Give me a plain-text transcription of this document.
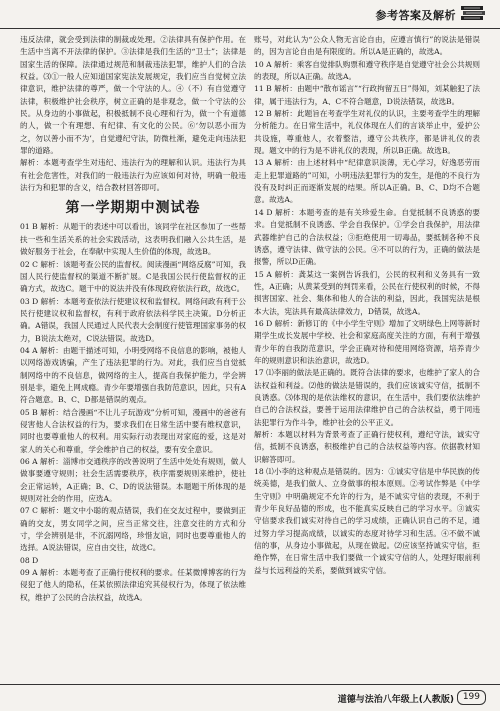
参考答案及解析

违反法律，就会受到法律的制裁或处理。②法律具有保护作用。在生活中当离不开法律的保护。③法律是我们生活的“卫士”；法律是国家生活的保障。法律通过规范和制裁违法犯罪，维护人们的合法权益。⑶①一般人应知道国家宪法发展规定，我们应当自觉树立法律意识，维护法律的尊严，做一个守法的人。④（不）有自觉遵守法律，积极维护社会秩序，树立正确的是非观念，做一个守法的公民。从身边的小事做起，积极抵制不良心理和行为，做一个有道德的人，做一个有理想、有纪律、有文化的公民。⑥‘勿以恶小而为之，勿以善小而不为’，自觉遵纪守法，防微杜渐，避免走向违法犯罪的道路。

解析：本题考查学生对违纪、违法行为的理解和认识。违法行为具有社会危害性，对我们的一般违法行为应该如何对待，明确一般违法行为和犯罪的含义，结合教材回答即可。

第一学期期中测试卷

01 B 解析：从题干的表述中可以看出，该同学在社区参加了一些帮扶一些和生活关系的社会实践活动，这表明我们融入公共生活，是做好服务于社会，在奉献中实现人生价值的体现，故选B。

02 C 解析：该题考查公民的监督权。阅读漫画“网络反腐”可知，我国人民行使监督权的渠道不断扩展。C是我国公民行使监督权的正确方式，故选C。题干中的说法并没有体现政府依法行政，故选C。

03 D 解析：本题考查依法行使建议权和监督权。网络问政有利于公民行使建议权和监督权，有利于政府依法科学民主决策。D分析正确。A错误，我国人民通过人民代表大会制度行使管理国家事务的权力，B说法太绝对，C说法错误。故选D。

04 A 解析：由题干描述可知，小明受网络不良信息的影响，被他人以网络游戏诱骗，产生了违法犯罪的行为。对此，我们应当自觉抵制网络中的不良信息，做网络的主人，提高自我保护能力，学会辨别是非，避免上网成瘾。青少年要增强自我防范意识，因此，只有A符合题意。B、C、D都是错误的观点。

05 B 解析：结合漫画“不让儿子玩游戏”分析可知，漫画中的爸爸有侵害他人合法权益的行为，要求我们在日常生活中要有维权意识，同时也要尊重他人的权利。用实际行动表现出对家庭的爱，这是对家人的关心和尊重，学会维护自己的权益，要有安全意识。

06 A 解析：淄博市交通秩序的改善说明了生活中处处有规则，做人做事要遵守规则；社会生活需要秩序，秩序需要规则来维护，使社会正常运转，A正确；B、C、D的说法错误。本题题干所体现的是规则对社会的作用，应选A。

07 C 解析：题文中小聪的观点错误，我们在交友过程中，要做到正确的交友，男女同学之间，应当正常交往，注意交往的方式和分寸，学会辨别是非，不沉溺网络，珍惜友谊，同时也要尊重他人的选择。A说法错误，应自由交往，故选C。

08 D

09 A 解析：本题考查了正确行使权利的要求。任某微博博客的行为侵犯了他人的隐私，任某依照法律追究其侵权行为，体现了依法维权，维护了公民的合法权益，故选A。

账号，对此认为“公众人物无言论自由，应遵言慎行”的说法是错误的，因为言论自由是有限度的。所以A是正确的，故选A。

10 A 解析：乘客自觉排队购票和遵守秩序是自觉遵守社会公共规则的表现，所以A正确。故选A。

11 B 解析：由题中“散布谣言”“行政拘留五日”得知，刘某触犯了法律，属于违法行为，A、C不符合题意，D说法错误，故选B。

12 B 解析：此题旨在考查学生对礼仪的认识，主要考查学生的理解分析能力。在日常生活中，礼仪体现在人们的言谈举止中，爱护公共设施，尊重他人，衣着整洁，遵守公共秩序，都是讲礼仪的表现。题文中的行为是不讲礼仪的表现，所以B正确。故选B。

13 A 解析：由上述材料中“纪律意识淡薄，无心学习，好逸恶劳而走上犯罪道路的”可知，小明违法犯罪行为的发生，是他的不良行为没有及时纠正而逐渐发展的结果。所以A正确。B、C、D均不合题意。故选A。

14 D 解析：本题考查的是有关珍爱生命。自觉抵制不良诱惑的要求。自觉抵制不良诱惑、学会自我保护。①学会自我保护，用法律武器维护自己的合法权益；③拒绝使用一切毒品，要抵制各种不良诱惑，遵守法律、做守法的公民。④不可以的行为，正确的做法是报警，所以D正确。

15 A 解析：龚某这一案例告诉我们，公民的权利和义务具有一致性，A正确；从黄某受到的判罚来看，公民在行使权利的时候，不得损害国家、社会、集体和他人的合法的利益，因此，我国宪法是根本大法，宪法具有最高法律效力，D错误，故选A。

16 D 解析：新修订的《中小学生守则》增加了文明绿色上网等新时期学生成长发展中学校、社会和家庭高度关注的方面，有利于增强青少年的自我防范意识，学会正确对待和使用网络资源，培养青少年的规则意识和法治意识，故选D。

17 ⑴李丽的做法是正确的。既符合法律的要求，也维护了家人的合法权益和利益。⑵他的做法是错误的，我们应该诚实守信，抵制不良诱惑。⑶体现的是依法维权的意识，在生活中，我们要依法维护自己的合法权益，要善于运用法律维护自己的合法权益，勇于同违法犯罪行为作斗争，维护社会的公平正义。

解析：本题以材料为背景考查了正确行使权利，遵纪守法，诚实守信，抵制不良诱惑，积极维护自己的合法权益等内容。依据教材知识解答即可。

18 ⑴小李的这种观点是错误的。因为：①诚实守信是中华民族的传统美德，是我们做人、立身做事的根本原则。②考试作弊是《中学生守则》中明确规定不允许的行为，是不诚实守信的表现，不利于青少年良好品德的形成，也不能真实反映自己的学习水平。③诚实守信要求我们诚实对待自己的学习成绩，正确认识自己的不足，通过努力学习提高成绩，以诚实的态度对待学习和生活。④不做不诚信的事，从身边小事做起，从现在做起。⑵应该坚持诚实守信，拒绝作弊，在日常生活中我们要做一个诚实守信的人，处理好眼前利益与长远利益的关系，要做到诚实守信。

道德与法治八年级上(人教版) 199
